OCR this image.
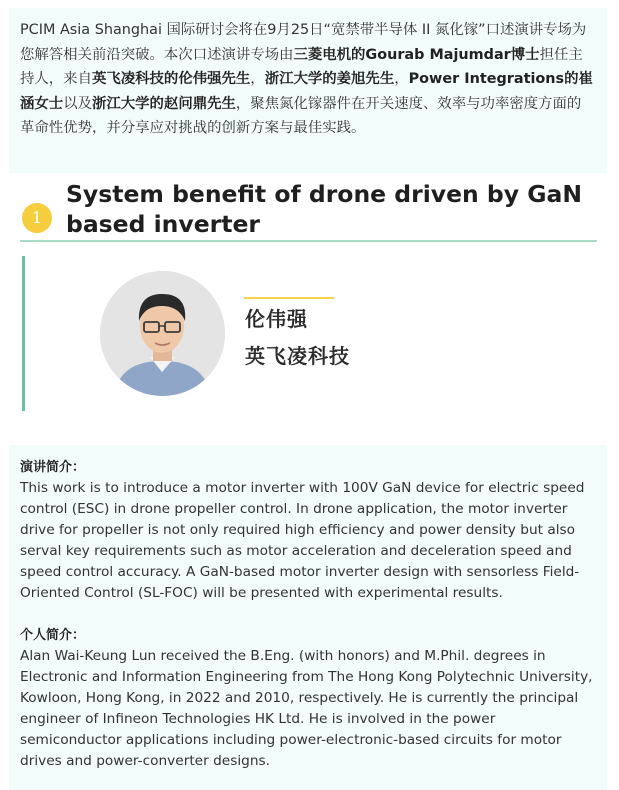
PCIM Asia Shanghai 国际研讨会将在9月25日“宽禁带半导体 II 氮化镓”口述演讲专场为您解答相关前沿突破。本次口述演讲专场由三菱电机的Gourab Majumdar博士担任主持人，来自英飞凌科技的伦伟强先生，浙江大学的姜旭先生，Power Integrations的崔涵女士以及浙江大学的赵问鼎先生，聚焦氮化镓器件在开关速度、效率与功率密度方面的革命性优势，并分享应对挑战的创新方案与最佳实践。

1
System benefit of drone driven by GaN based inverter
伦伟强
英飞凌科技
演讲简介：

This work is to introduce a motor inverter with 100V GaN device for electric speed control (ESC) in drone propeller control. In drone application, the motor inverter drive for propeller is not only required high efficiency and power density but also serval key requirements such as motor acceleration and deceleration speed and speed control accuracy. A GaN-based motor inverter design with sensorless Field-Oriented Control (SL-FOC) will be presented with experimental results.

个人简介：

Alan Wai-Keung Lun received the B.Eng. (with honors) and M.Phil. degrees in Electronic and Information Engineering from The Hong Kong Polytechnic University, Kowloon, Hong Kong, in 2022 and 2010, respectively. He is currently the principal engineer of Infineon Technologies HK Ltd. He is involved in the power semiconductor applications including power-electronic-based circuits for motor drives and power-converter designs.
